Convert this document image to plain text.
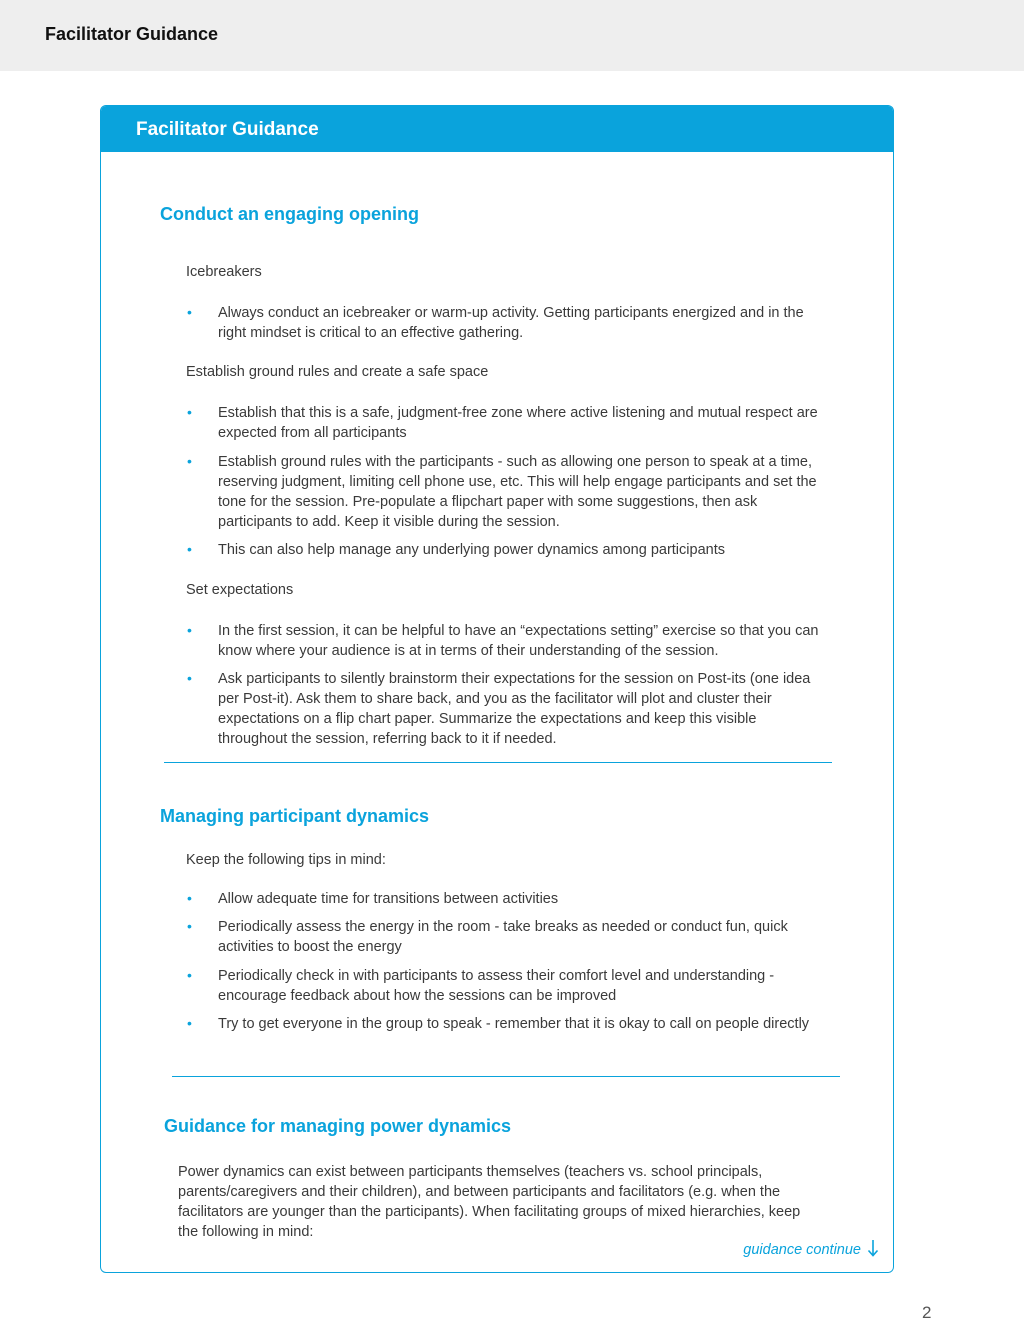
Facilitator Guidance
Facilitator Guidance
Conduct an engaging opening
Icebreakers
• Always conduct an icebreaker or warm-up activity. Getting participants energized and in the right mindset is critical to an effective gathering.
Establish ground rules and create a safe space
• Establish that this is a safe, judgment-free zone where active listening and mutual respect are expected from all participants
• Establish ground rules with the participants - such as allowing one person to speak at a time, reserving judgment, limiting cell phone use, etc. This will help engage participants and set the tone for the session. Pre-populate a flipchart paper with some suggestions, then ask participants to add. Keep it visible during the session.
• This can also help manage any underlying power dynamics among participants
Set expectations
• In the first session, it can be helpful to have an “expectations setting” exercise so that you can know where your audience is at in terms of their understanding of the session.
• Ask participants to silently brainstorm their expectations for the session on Post-its (one idea per Post-it). Ask them to share back, and you as the facilitator will plot and cluster their expectations on a flip chart paper. Summarize the expectations and keep this visible throughout the session, referring back to it if needed.
Managing participant dynamics
Keep the following tips in mind:
• Allow adequate time for transitions between activities
• Periodically assess the energy in the room - take breaks as needed or conduct fun, quick activities to boost the energy
• Periodically check in with participants to assess their comfort level and understanding - encourage feedback about how the sessions can be improved
• Try to get everyone in the group to speak - remember that it is okay to call on people directly
Guidance for managing power dynamics
Power dynamics can exist between participants themselves (teachers vs. school principals, parents/caregivers and their children), and between participants and facilitators (e.g. when the facilitators are younger than the participants). When facilitating groups of mixed hierarchies, keep the following in mind:
guidance continue
2
